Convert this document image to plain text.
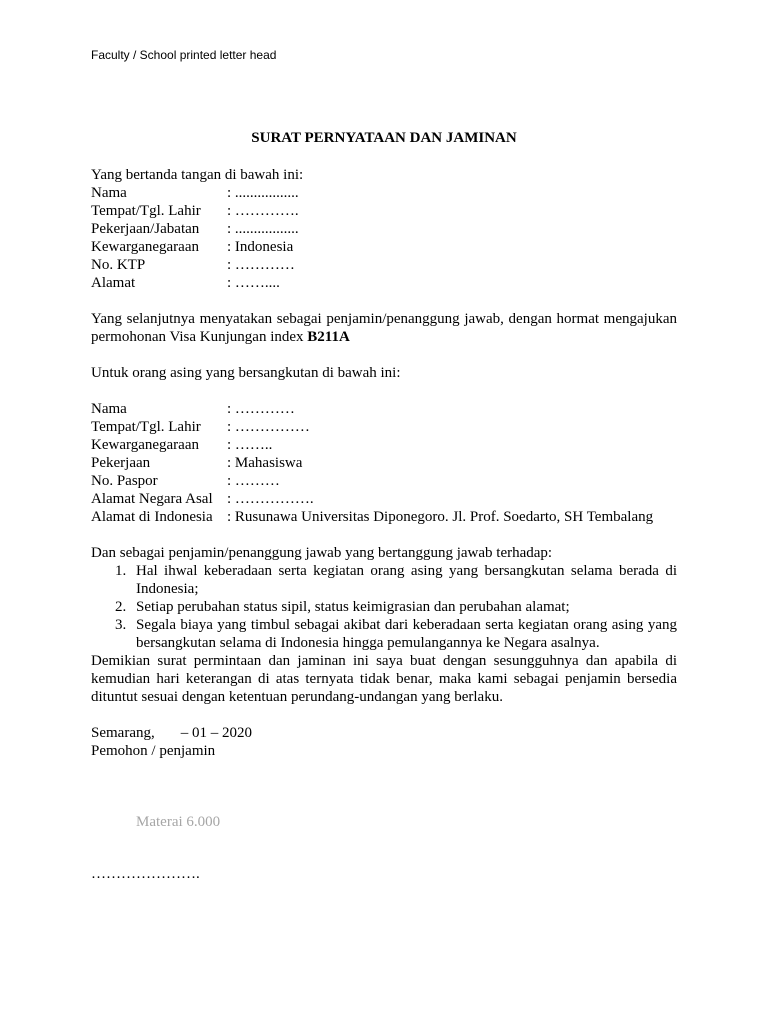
Faculty / School printed letter head

SURAT PERNYATAAN DAN JAMINAN

Yang bertanda tangan di bawah ini:

Nama	: .................
Tempat/Tgl. Lahir	: ………….
Pekerjaan/Jabatan	: .................
Kewarganegaraan	: Indonesia
No. KTP	: …………
Alamat	: ……....

Yang selanjutnya menyatakan sebagai penjamin/penanggung jawab, dengan hormat mengajukan permohonan Visa Kunjungan index B211A

Untuk orang asing yang bersangkutan di bawah ini:

Nama	: …………
Tempat/Tgl. Lahir	: ……………
Kewarganegaraan	: ……..
Pekerjaan	: Mahasiswa
No. Paspor	: ………
Alamat Negara Asal	: …………….
Alamat di Indonesia	: Rusunawa Universitas Diponegoro. Jl. Prof. Soedarto, SH Tembalang

Dan sebagai penjamin/penanggung jawab yang bertanggung jawab terhadap:

1. Hal ihwal keberadaan serta kegiatan orang asing yang bersangkutan selama berada di Indonesia;
2. Setiap perubahan status sipil, status keimigrasian dan perubahan alamat;
3. Segala biaya yang timbul sebagai akibat dari keberadaan serta kegiatan orang asing yang bersangkutan selama di Indonesia hingga pemulangannya ke Negara asalnya.

Demikian surat permintaan dan jaminan ini saya buat dengan sesungguhnya dan apabila di kemudian hari keterangan di atas ternyata tidak benar, maka kami sebagai penjamin bersedia dituntut sesuai dengan ketentuan perundang-undangan yang berlaku.

Semarang, – 01 – 2020

Pemohon / penjamin

Materai 6.000

………………….
